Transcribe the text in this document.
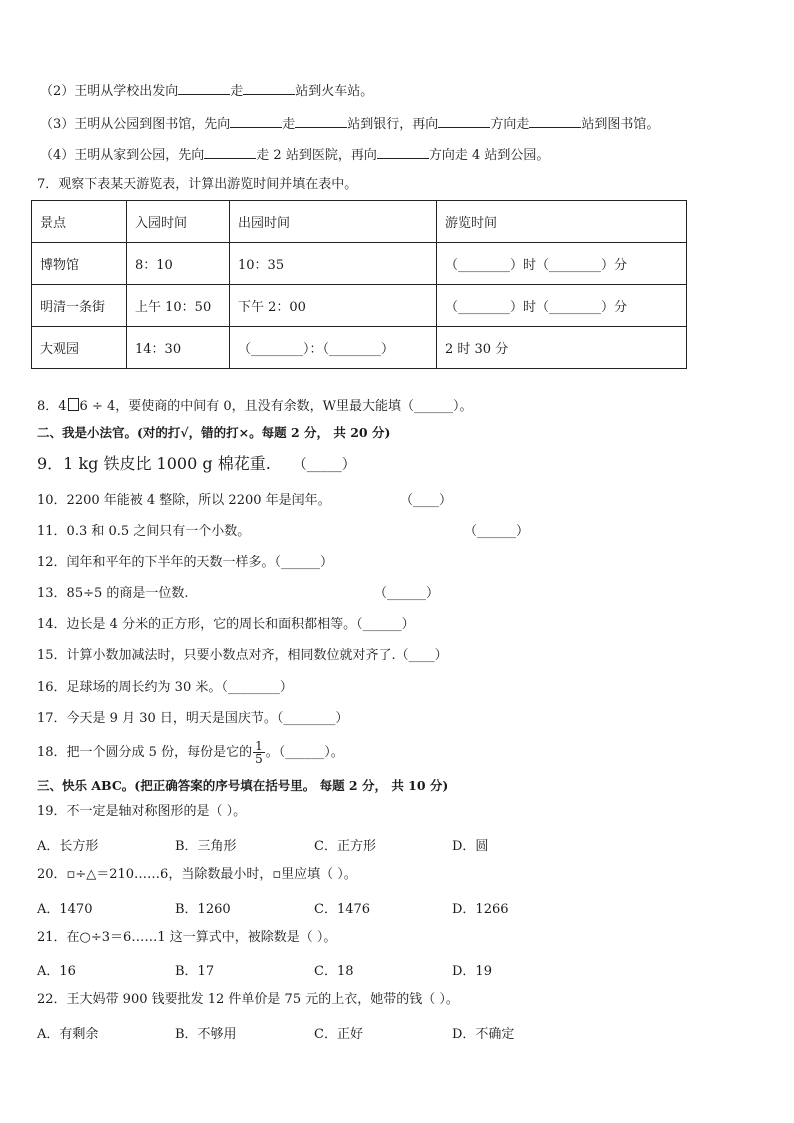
（2）王明从学校出发向	走	站到火车站。
（3）王明从公园到图书馆，先向	走	站到银行，再向	方向走	站到图书馆。
（4）王明从家到公园，先向	走 2 站到医院，再向	方向走 4 站到公园。
7．观察下表某天游览表，计算出游览时间并填在表中。
景点	入园时间	出园时间	游览时间
博物馆	8：10	10：35	（________）时（________）分
明清一条街	上午 10：50	下午 2：00	（________）时（________）分
大观园	14：30	（________）：（________）	2 时 30 分
8．4 6 ÷ 4，要使商的中间有 0，且没有余数，W里最大能填（______）。
二、我是小法官。(对的打√，错的打×。每题 2 分， 共 20 分)
9．1 kg 铁皮比 1000 g 棉花重. （_____）
10．2200 年能被 4 整除，所以 2200 年是闰年。	（____）
11．0.3 和 0.5 之间只有一个小数。	（______）
12．闰年和平年的下半年的天数一样多。（______）
13．85÷5 的商是一位数.	（______）
14．边长是 4 分米的正方形，它的周长和面积都相等。（______）
15．计算小数加减法时，只要小数点对齐，相同数位就对齐了.（____）
16．足球场的周长约为 30 米。（________）
17．今天是 9 月 30 日，明天是国庆节。（________）
18．把一个圆分成 5 份，每份是它的 $\frac{1}{5}$ 。（______）。
三、快乐 ABC。(把正确答案的序号填在括号里。 每题 2 分， 共 10 分)
19．不一定是轴对称图形的是（ ）。
A．长方形	B．三角形	C．正方形	D．圆
20．▫÷△＝210……6，当除数最小时，▫里应填（ ）。
A．1470	B．1260	C．1476	D．1266
21．在○÷3＝6……1 这一算式中，被除数是（ ）。
A．16	B．17	C．18	D．19
22．王大妈带 900 钱要批发 12 件单价是 75 元的上衣，她带的钱（ ）。
A．有剩余	B．不够用	C．正好	D．不确定
